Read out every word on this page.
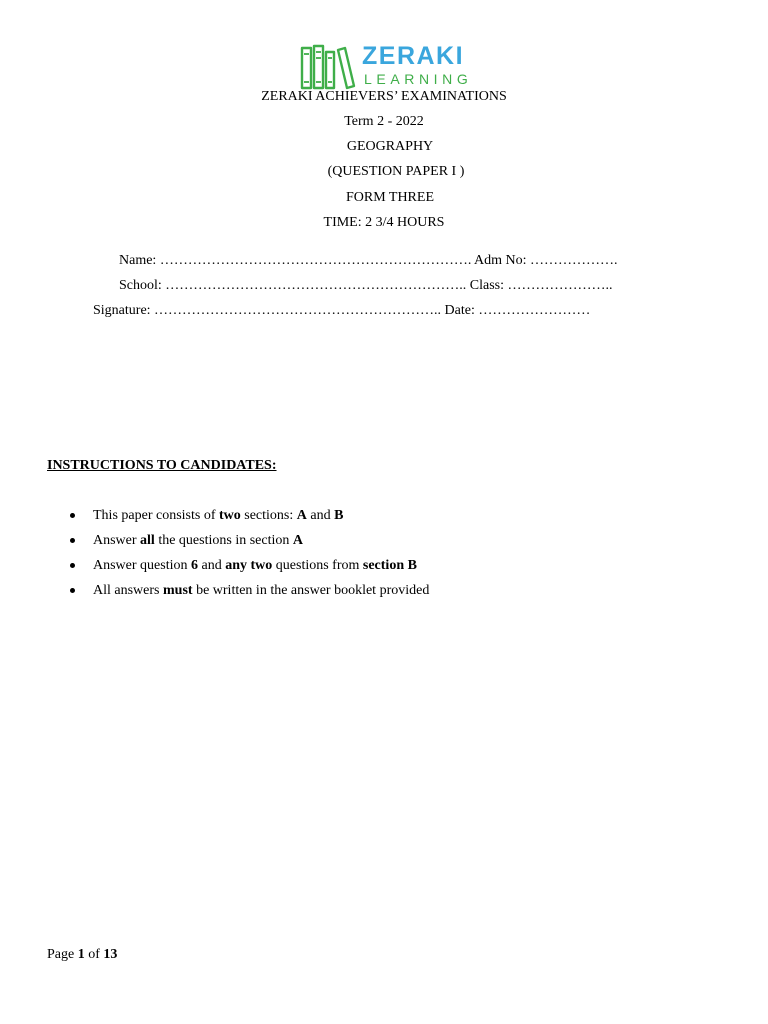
ZERAKI
LEARNING
ZERAKI ACHIEVERS’ EXAMINATIONS
Term 2 - 2022
GEOGRAPHY
(QUESTION PAPER I )
FORM THREE
TIME: 2 3/4 HOURS
Name: …………………………………………………………. Adm No: ……………….
School: ……………………………………………………….. Class: …………………..
Signature: …………………………………………………….. Date: ……………………
INSTRUCTIONS TO CANDIDATES:
This paper consists of two sections: A and B
Answer all the questions in section A
Answer question 6 and any two questions from section B
All answers must be written in the answer booklet provided
Page 1 of 13
